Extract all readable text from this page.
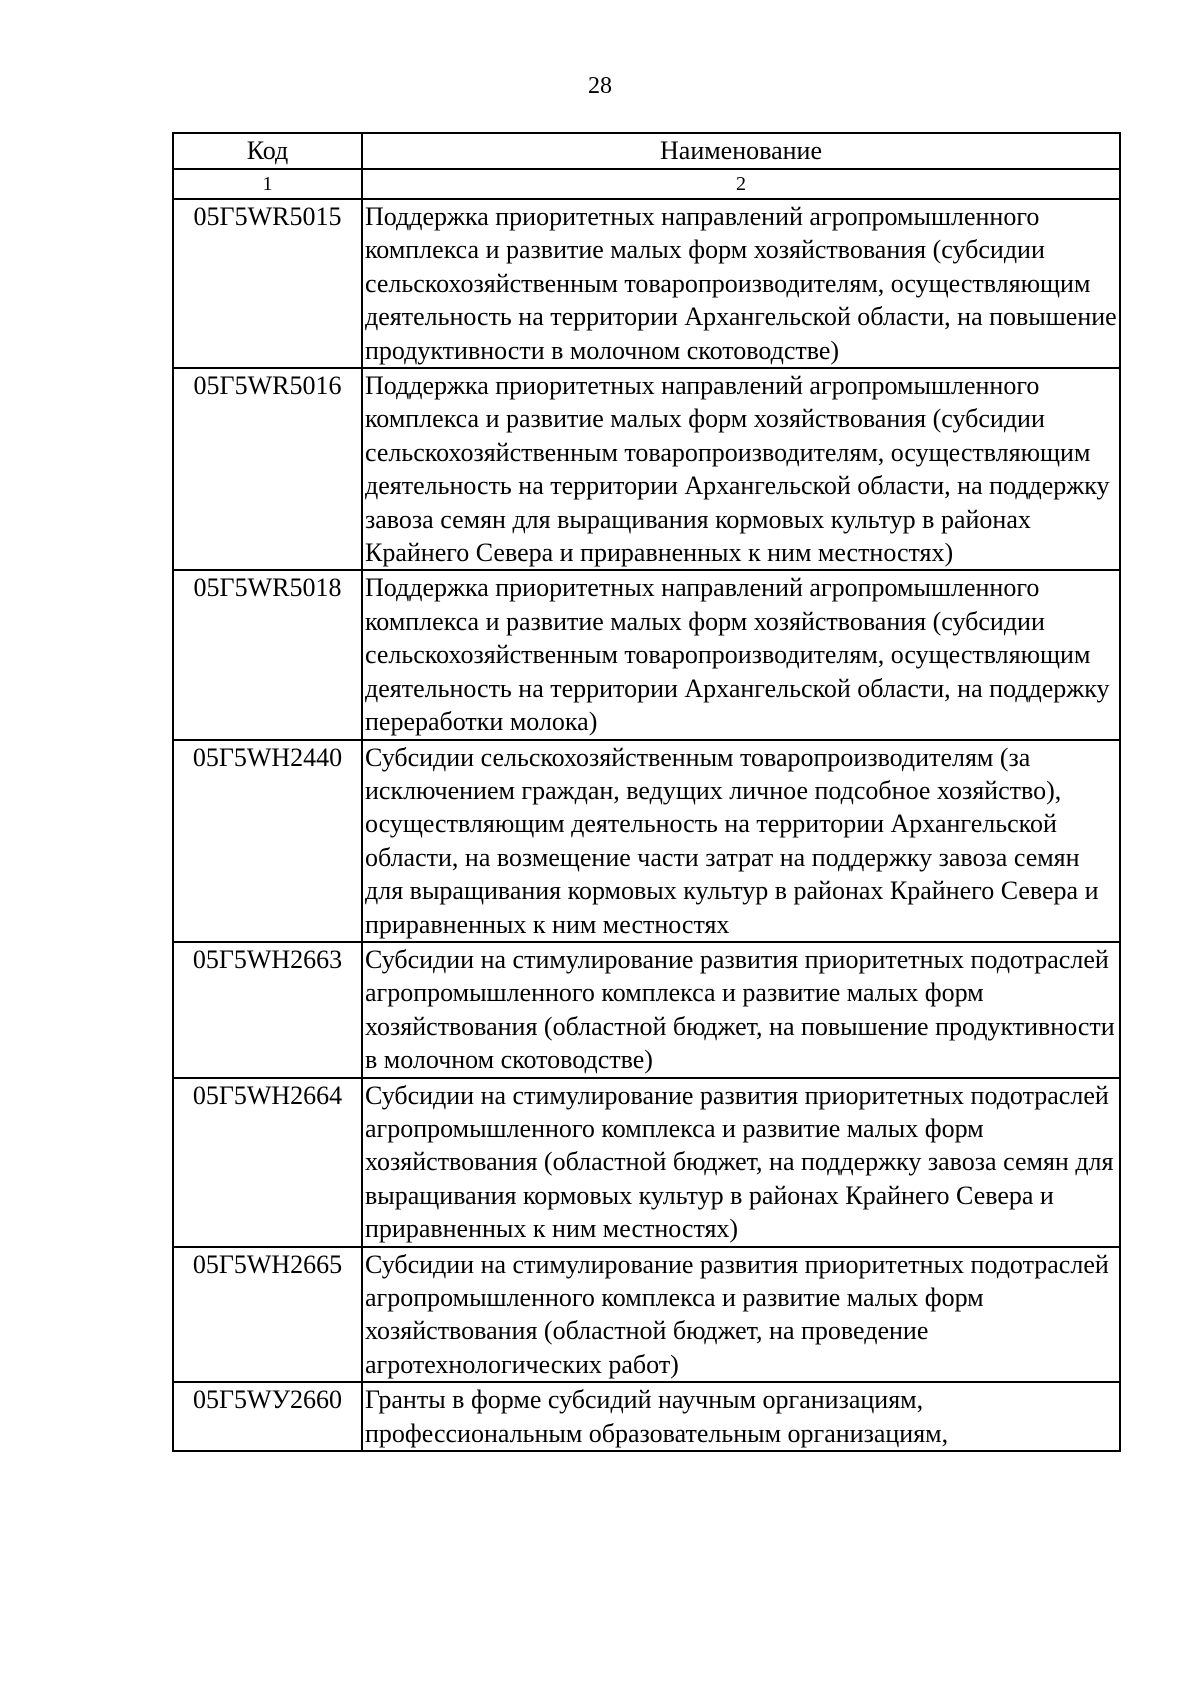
28
Код	Наименование
1	2
05Г5WR5015	Поддержка приоритетных направлений агропромышленного комплекса и развитие малых форм хозяйствования (субсидии сельскохозяйственным товаропроизводителям, осуществляющим деятельность на территории Архангельской области, на повышение продуктивности в молочном скотоводстве)
05Г5WR5016	Поддержка приоритетных направлений агропромышленного комплекса и развитие малых форм хозяйствования (субсидии сельскохозяйственным товаропроизводителям, осуществляющим деятельность на территории Архангельской области, на поддержку завоза семян для выращивания кормовых культур в районах Крайнего Севера и приравненных к ним местностях)
05Г5WR5018	Поддержка приоритетных направлений агропромышленного комплекса и развитие малых форм хозяйствования (субсидии сельскохозяйственным товаропроизводителям, осуществляющим деятельность на территории Архангельской области, на поддержку переработки молока)
05Г5WH2440	Субсидии сельскохозяйственным товаропроизводителям (за исключением граждан, ведущих личное подсобное хозяйство), осуществляющим деятельность на территории Архангельской области, на возмещение части затрат на поддержку завоза семян для выращивания кормовых культур в районах Крайнего Севера и приравненных к ним местностях
05Г5WH2663	Субсидии на стимулирование развития приоритетных подотраслей агропромышленного комплекса и развитие малых форм хозяйствования (областной бюджет, на повышение продуктивности в молочном скотоводстве)
05Г5WH2664	Субсидии на стимулирование развития приоритетных подотраслей агропромышленного комплекса и развитие малых форм хозяйствования (областной бюджет, на поддержку завоза семян для выращивания кормовых культур в районах Крайнего Севера и приравненных к ним местностях)
05Г5WH2665	Субсидии на стимулирование развития приоритетных подотраслей агропромышленного комплекса и развитие малых форм хозяйствования (областной бюджет, на проведение агротехнологических работ)
05Г5WУ2660	Гранты в форме субсидий научным организациям, профессиональным образовательным организациям,
